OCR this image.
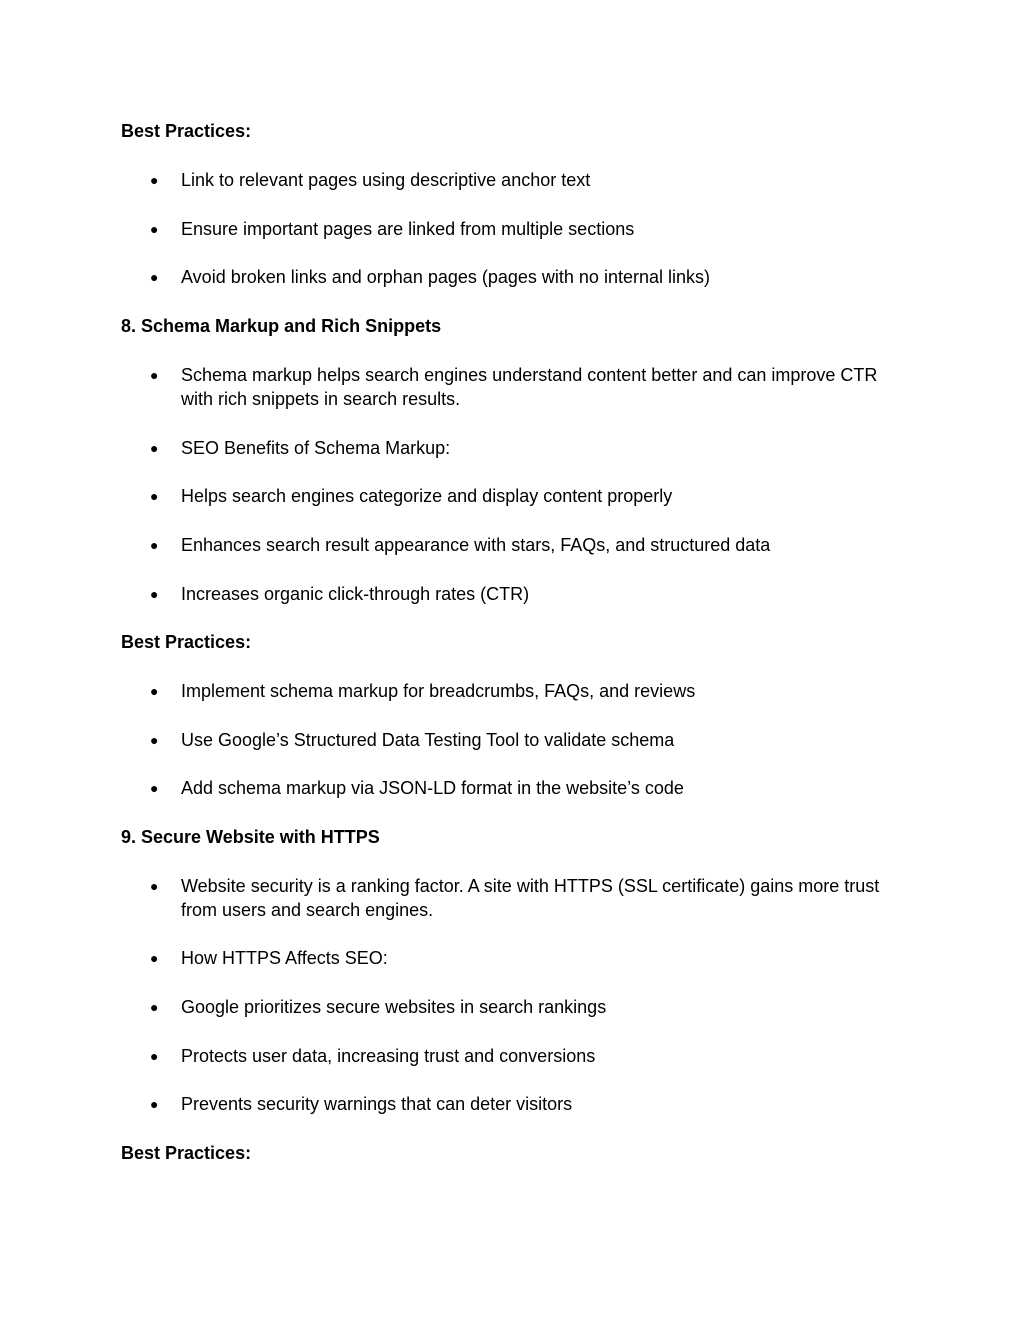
Best Practices:
●	Link to relevant pages using descriptive anchor text
●	Ensure important pages are linked from multiple sections
●	Avoid broken links and orphan pages (pages with no internal links)
8. Schema Markup and Rich Snippets
●	Schema markup helps search engines understand content better and can improve CTR with rich snippets in search results.
●	SEO Benefits of Schema Markup:
●	Helps search engines categorize and display content properly
●	Enhances search result appearance with stars, FAQs, and structured data
●	Increases organic click-through rates (CTR)
Best Practices:
●	Implement schema markup for breadcrumbs, FAQs, and reviews
●	Use Google’s Structured Data Testing Tool to validate schema
●	Add schema markup via JSON-LD format in the website’s code
9. Secure Website with HTTPS
●	Website security is a ranking factor. A site with HTTPS (SSL certificate) gains more trust from users and search engines.
●	How HTTPS Affects SEO:
●	Google prioritizes secure websites in search rankings
●	Protects user data, increasing trust and conversions
●	Prevents security warnings that can deter visitors
Best Practices:
